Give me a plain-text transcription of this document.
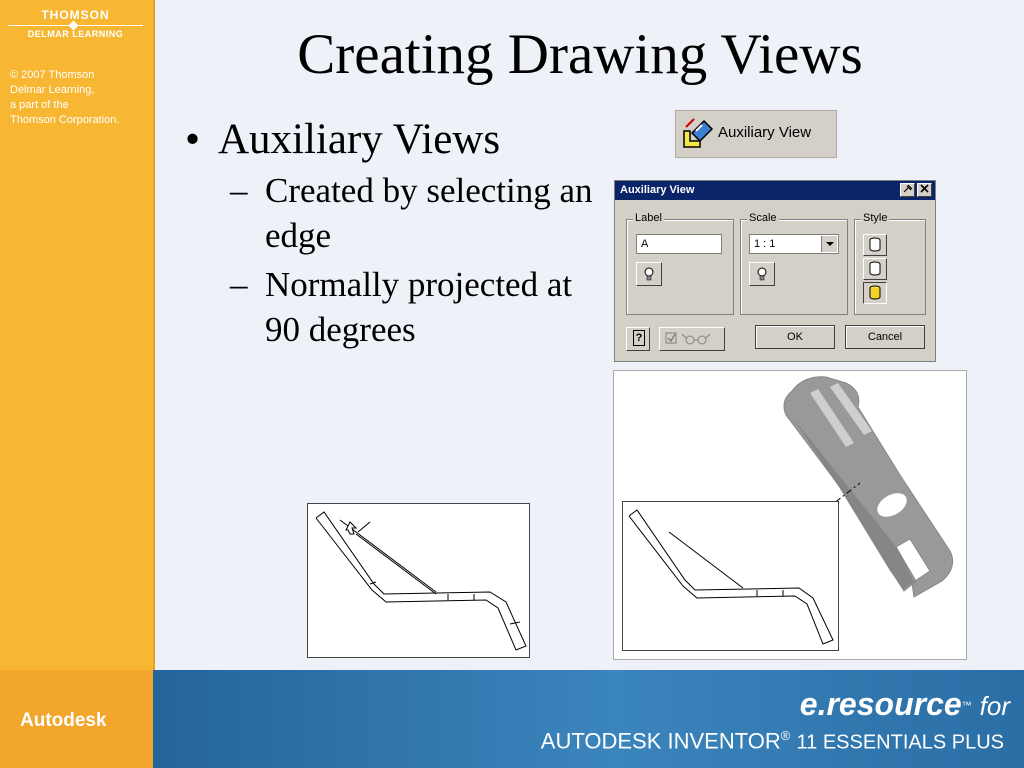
THOMSON
DELMAR LEARNING
© 2007 Thomson
Delmar Learning,
a part of the
Thomson Corporation.
Creating Drawing Views
• Auxiliary Views
– Created by selecting an edge
– Normally projected at 90 degrees
Auxiliary View
Auxiliary View
Label
A
Scale
1 : 1
Style
?	OK	Cancel
Autodesk	e.resource™ for
AUTODESK INVENTOR® 11 ESSENTIALS PLUS
